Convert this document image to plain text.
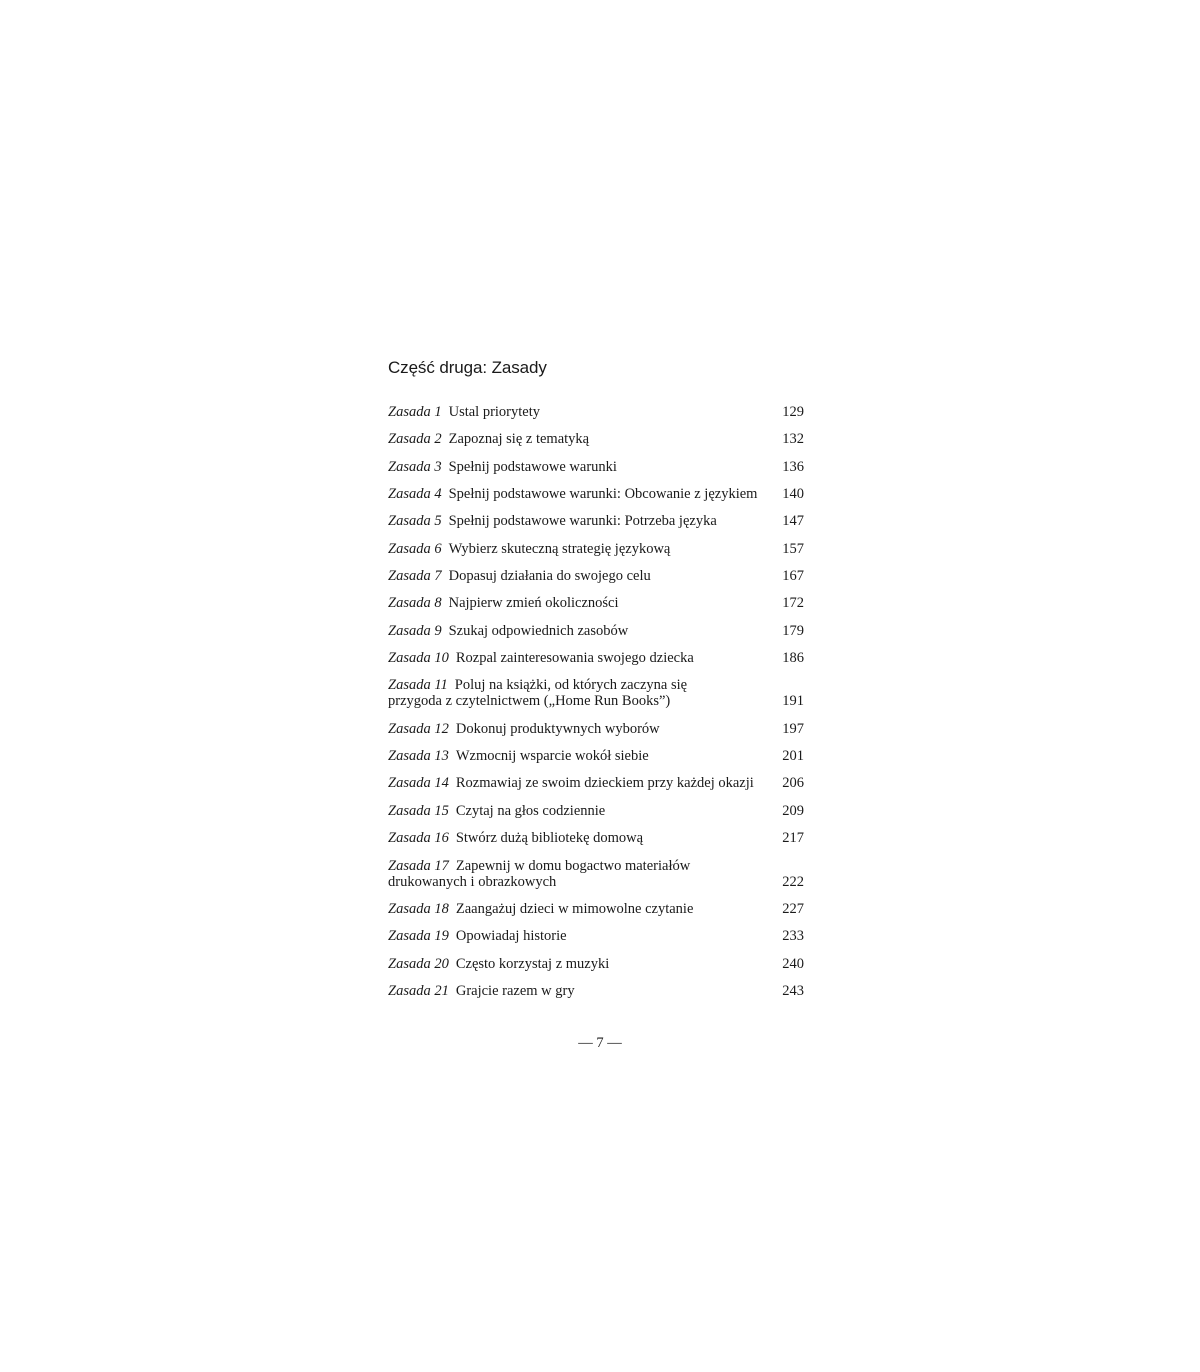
Część druga: Zasady
Zasada 1 Ustal priorytety	129
Zasada 2 Zapoznaj się z tematyką	132
Zasada 3 Spełnij podstawowe warunki	136
Zasada 4 Spełnij podstawowe warunki: Obcowanie z językiem	140
Zasada 5 Spełnij podstawowe warunki: Potrzeba języka	147
Zasada 6 Wybierz skuteczną strategię językową	157
Zasada 7 Dopasuj działania do swojego celu	167
Zasada 8 Najpierw zmień okoliczności	172
Zasada 9 Szukaj odpowiednich zasobów	179
Zasada 10 Rozpal zainteresowania swojego dziecka	186
Zasada 11 Poluj na książki, od których zaczyna się
przygoda z czytelnictwem („Home Run Books”)	191
Zasada 12 Dokonuj produktywnych wyborów	197
Zasada 13 Wzmocnij wsparcie wokół siebie	201
Zasada 14 Rozmawiaj ze swoim dzieckiem przy każdej okazji	206
Zasada 15 Czytaj na głos codziennie	209
Zasada 16 Stwórz dużą bibliotekę domową	217
Zasada 17 Zapewnij w domu bogactwo materiałów
drukowanych i obrazkowych	222
Zasada 18 Zaangażuj dzieci w mimowolne czytanie	227
Zasada 19 Opowiadaj historie	233
Zasada 20 Często korzystaj z muzyki	240
Zasada 21 Grajcie razem w gry	243
— 7 —
